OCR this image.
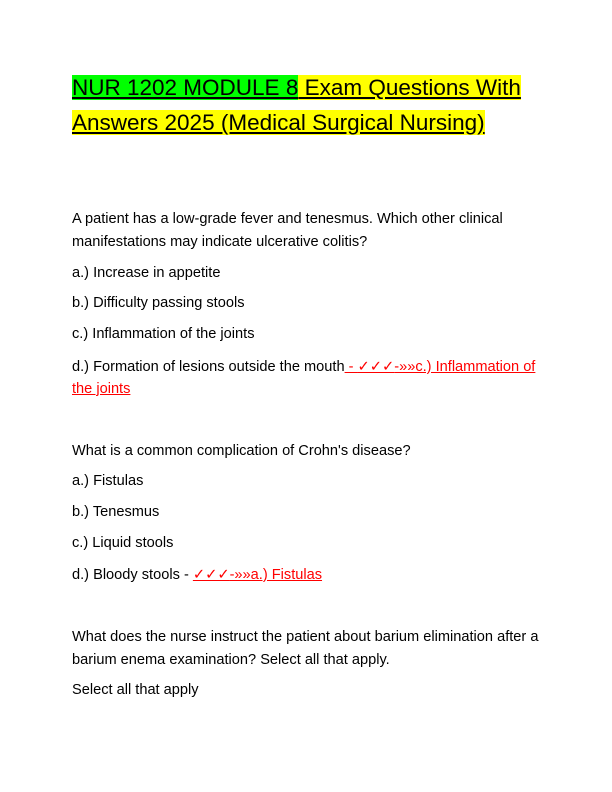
NUR 1202 MODULE 8 Exam Questions With Answers 2025 (Medical Surgical Nursing)
A patient has a low-grade fever and tenesmus. Which other clinical manifestations may indicate ulcerative colitis?
a.) Increase in appetite
b.) Difficulty passing stools
c.) Inflammation of the joints
d.) Formation of lesions outside the mouth - ✓✓✓-»»c.) Inflammation of the joints
What is a common complication of Crohn's disease?
a.) Fistulas
b.) Tenesmus
c.) Liquid stools
d.) Bloody stools - ✓✓✓-»»a.) Fistulas
What does the nurse instruct the patient about barium elimination after a barium enema examination? Select all that apply.
Select all that apply
